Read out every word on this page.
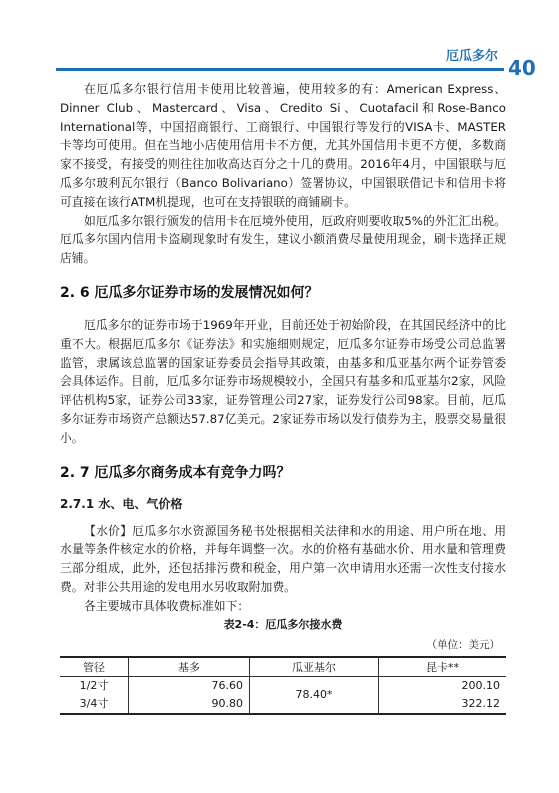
厄瓜多尔 40

在厄瓜多尔银行信用卡使用比较普遍，使用较多的有：American Express、Dinner Club、Mastercard、Visa、Credito Si、Cuotafacil和Rose-Banco International等，中国招商银行、工商银行、中国银行等发行的VISA卡、MASTER卡等均可使用。但在当地小店使用信用卡不方便，尤其外国信用卡更不方便，多数商家不接受，有接受的则往往加收高达百分之十几的费用。2016年4月，中国银联与厄瓜多尔玻利瓦尔银行（Banco Bolivariano）签署协议，中国银联借记卡和信用卡将可直接在该行ATM机提现，也可在支持银联的商铺刷卡。

如厄瓜多尔银行颁发的信用卡在厄境外使用，厄政府则要收取5%的外汇汇出税。厄瓜多尔国内信用卡盗刷现象时有发生，建议小额消费尽量使用现金，刷卡选择正规店铺。

2. 6 厄瓜多尔证券市场的发展情况如何？

厄瓜多尔的证券市场于1969年开业，目前还处于初始阶段，在其国民经济中的比重不大。根据厄瓜多尔《证券法》和实施细则规定，厄瓜多尔证券市场受公司总监署监管，隶属该总监署的国家证券委员会指导其政策，由基多和瓜亚基尔两个证券管委会具体运作。目前，厄瓜多尔证券市场规模较小，全国只有基多和瓜亚基尔2家，风险评估机构5家，证券公司33家，证券管理公司27家，证券发行公司98家。目前，厄瓜多尔证券市场资产总额达57.87亿美元。2家证券市场以发行债券为主，股票交易量很小。

2. 7 厄瓜多尔商务成本有竞争力吗？
2.7.1 水、电、气价格

【水价】厄瓜多尔水资源国务秘书处根据相关法律和水的用途、用户所在地、用水量等条件核定水的价格，并每年调整一次。水的价格有基础水价、用水量和管理费三部分组成，此外，还包括排污费和税金，用户第一次申请用水还需一次性支付接水费。对非公共用途的发电用水另收取附加费。

各主要城市具体收费标准如下：

表2-4：厄瓜多尔接水费
（单位：美元）
管径	基多	瓜亚基尔	昆卡**
1/2寸	76.60	78.40*	200.10
3/4寸	90.80		322.12
